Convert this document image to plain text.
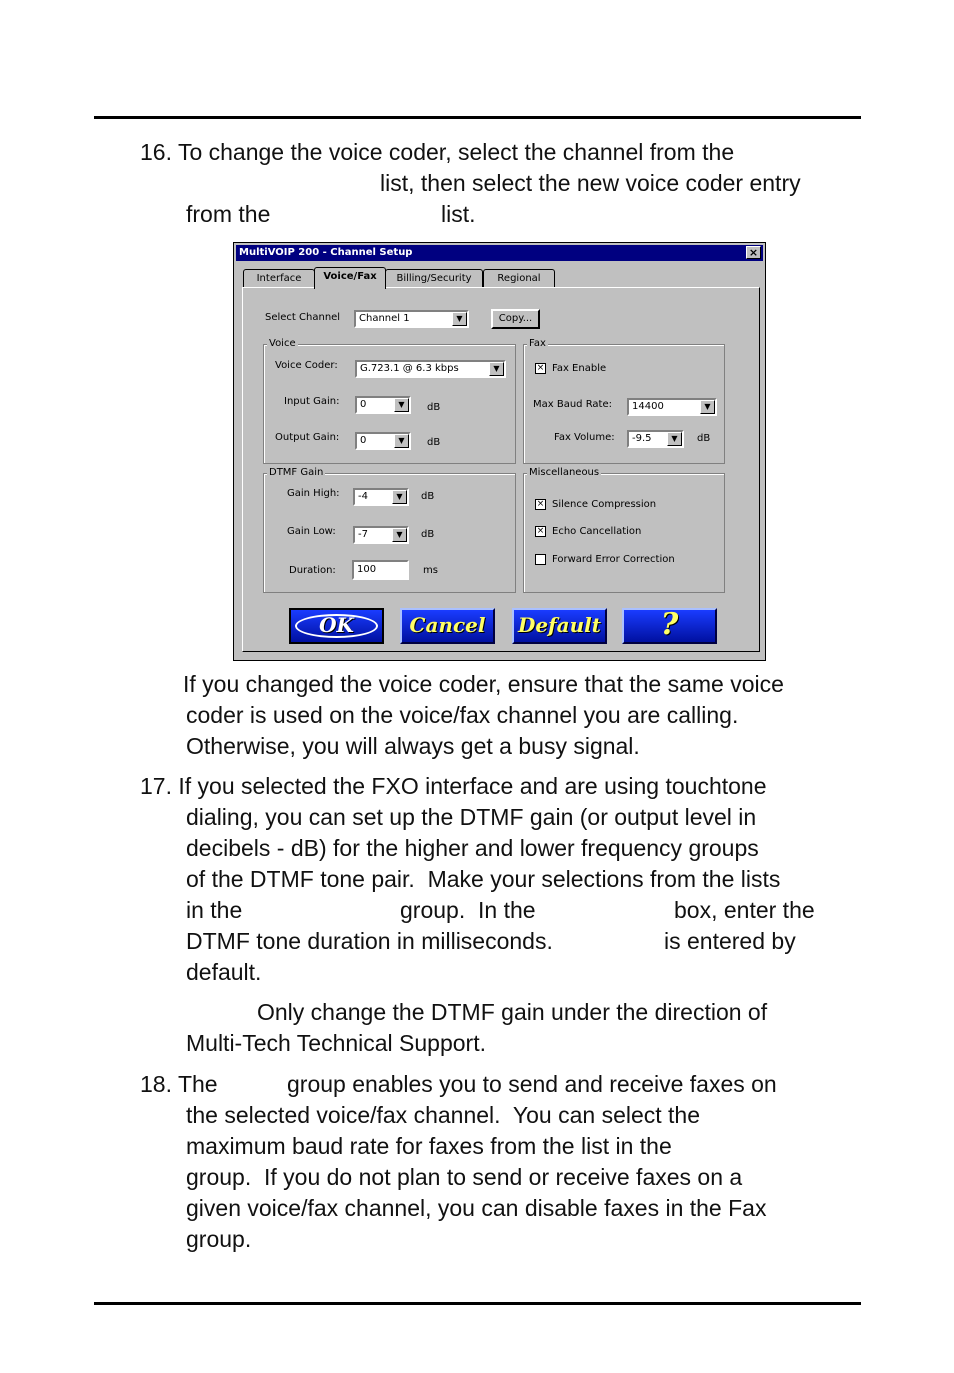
16. To change the voice coder, select the channel from the
list, then select the new voice coder entry
from the	list.
MultiVOIP 200 - Channel Setup	×
Interface	Voice/Fax	Billing/Security	Regional
Select Channel	Channel 1	▼	Copy...
Voice
Voice Coder:	G.723.1 @ 6.3 kbps	▼
Input Gain:	0	▼	dB
Output Gain:	0	▼	dB
Fax
× Fax Enable
Max Baud Rate:	14400	▼
Fax Volume:	-9.5	▼	dB
DTMF Gain
Gain High:	-4	▼	dB
Gain Low:	-7	▼	dB
Duration:	100	ms
Miscellaneous
× Silence Compression
× Echo Cancellation
Forward Error Correction
OK	Cancel	Default	?
If you changed the voice coder, ensure that the same voice
coder is used on the voice/fax channel you are calling.
Otherwise, you will always get a busy signal.
17. If you selected the FXO interface and are using touchtone
dialing, you can set up the DTMF gain (or output level in
decibels - dB) for the higher and lower frequency groups
of the DTMF tone pair.  Make your selections from the lists
in the	group.  In the	box, enter the
DTMF tone duration in milliseconds.	is entered by
default.
Only change the DTMF gain under the direction of
Multi-Tech Technical Support.
18. The	group enables you to send and receive faxes on
the selected voice/fax channel.  You can select the
maximum baud rate for faxes from the list in the
group.  If you do not plan to send or receive faxes on a
given voice/fax channel, you can disable faxes in the Fax
group.
